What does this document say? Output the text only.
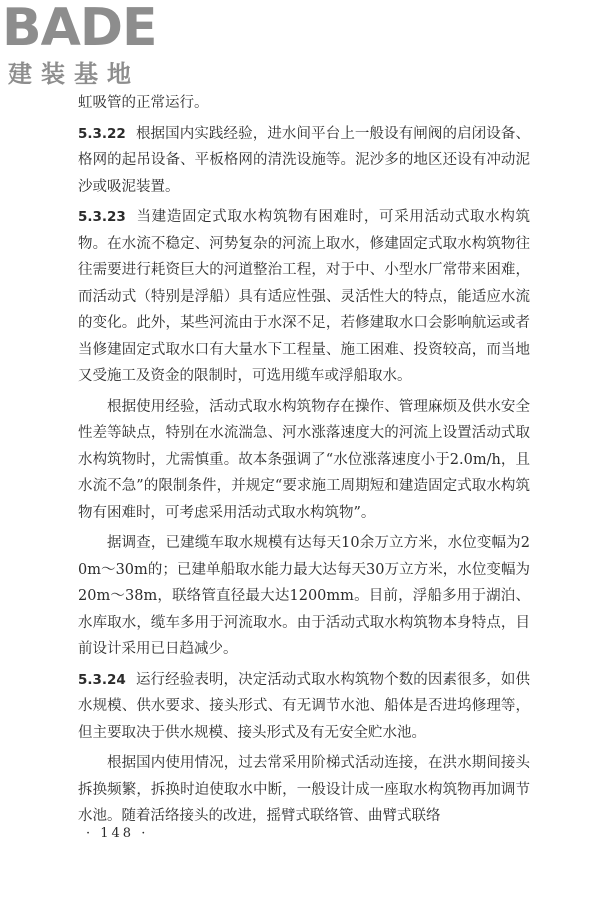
BADE
建装基地

虹吸管的正常运行。

5.3.22 根据国内实践经验，进水间平台上一般设有闸阀的启闭设备、格网的起吊设备、平板格网的清洗设施等。泥沙多的地区还设有冲动泥沙或吸泥装置。

5.3.23 当建造固定式取水构筑物有困难时，可采用活动式取水构筑物。在水流不稳定、河势复杂的河流上取水，修建固定式取水构筑物往往需要进行耗资巨大的河道整治工程，对于中、小型水厂常带来困难，而活动式（特别是浮船）具有适应性强、灵活性大的特点，能适应水流的变化。此外，某些河流由于水深不足，若修建取水口会影响航运或者当修建固定式取水口有大量水下工程量、施工困难、投资较高，而当地又受施工及资金的限制时，可选用缆车或浮船取水。

根据使用经验，活动式取水构筑物存在操作、管理麻烦及供水安全性差等缺点，特别在水流湍急、河水涨落速度大的河流上设置活动式取水构筑物时，尤需慎重。故本条强调了“水位涨落速度小于2.0m/h，且水流不急”的限制条件，并规定“要求施工周期短和建造固定式取水构筑物有困难时，可考虑采用活动式取水构筑物”。

据调查，已建缆车取水规模有达每天10余万立方米，水位变幅为20m～30m的；已建单船取水能力最大达每天30万立方米，水位变幅为20m～38m，联络管直径最大达1200mm。目前，浮船多用于湖泊、水库取水，缆车多用于河流取水。由于活动式取水构筑物本身特点，目前设计采用已日趋减少。

5.3.24 运行经验表明，决定活动式取水构筑物个数的因素很多，如供水规模、供水要求、接头形式、有无调节水池、船体是否进坞修理等，但主要取决于供水规模、接头形式及有无安全贮水池。

根据国内使用情况，过去常采用阶梯式活动连接，在洪水期间接头拆换频繁，拆换时迫使取水中断，一般设计成一座取水构筑物再加调节水池。随着活络接头的改进，摇臂式联络管、曲臂式联络

· 148 ·
